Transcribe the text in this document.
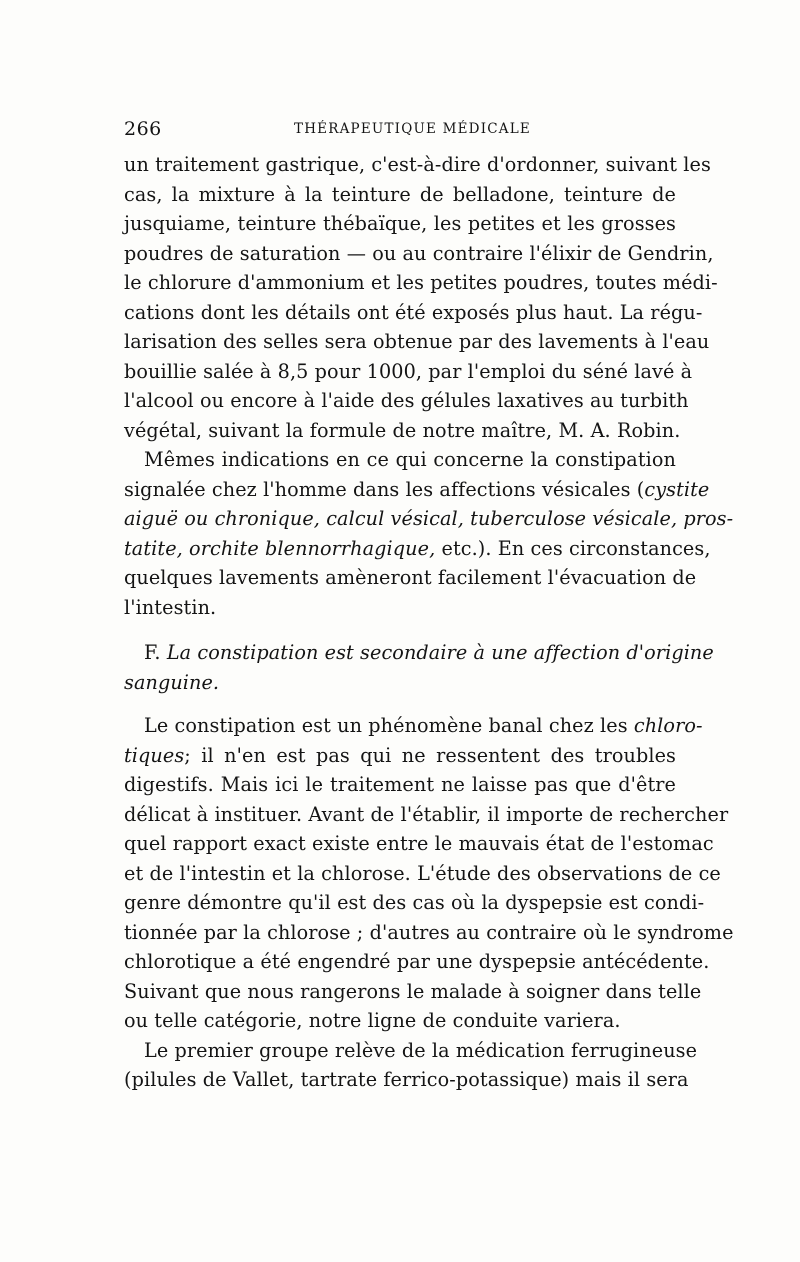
266	THÉRAPEUTIQUE MÉDICALE
un traitement gastrique, c'est-à-dire d'ordonner, suivant les
cas, la mixture à la teinture de belladone, teinture de
jusquiame, teinture thébaïque, les petites et les grosses
poudres de saturation — ou au contraire l'élixir de Gendrin,
le chlorure d'ammonium et les petites poudres, toutes médi-
cations dont les détails ont été exposés plus haut. La régu-
larisation des selles sera obtenue par des lavements à l'eau
bouillie salée à 8,5 pour 1000, par l'emploi du séné lavé à
l'alcool ou encore à l'aide des gélules laxatives au turbith
végétal, suivant la formule de notre maître, M. A. Robin.
Mêmes indications en ce qui concerne la constipation
signalée chez l'homme dans les affections vésicales (cystite
aiguë ou chronique, calcul vésical, tuberculose vésicale, pros-
tatite, orchite blennorrhagique, etc.). En ces circonstances,
quelques lavements amèneront facilement l'évacuation de
l'intestin.
F. La constipation est secondaire à une affection d'origine
sanguine.
Le constipation est un phénomène banal chez les chloro-
tiques; il n'en est pas qui ne ressentent des troubles
digestifs. Mais ici le traitement ne laisse pas que d'être
délicat à instituer. Avant de l'établir, il importe de rechercher
quel rapport exact existe entre le mauvais état de l'estomac
et de l'intestin et la chlorose. L'étude des observations de ce
genre démontre qu'il est des cas où la dyspepsie est condi-
tionnée par la chlorose ; d'autres au contraire où le syndrome
chlorotique a été engendré par une dyspepsie antécédente.
Suivant que nous rangerons le malade à soigner dans telle
ou telle catégorie, notre ligne de conduite variera.
Le premier groupe relève de la médication ferrugineuse
(pilules de Vallet, tartrate ferrico-potassique) mais il sera
